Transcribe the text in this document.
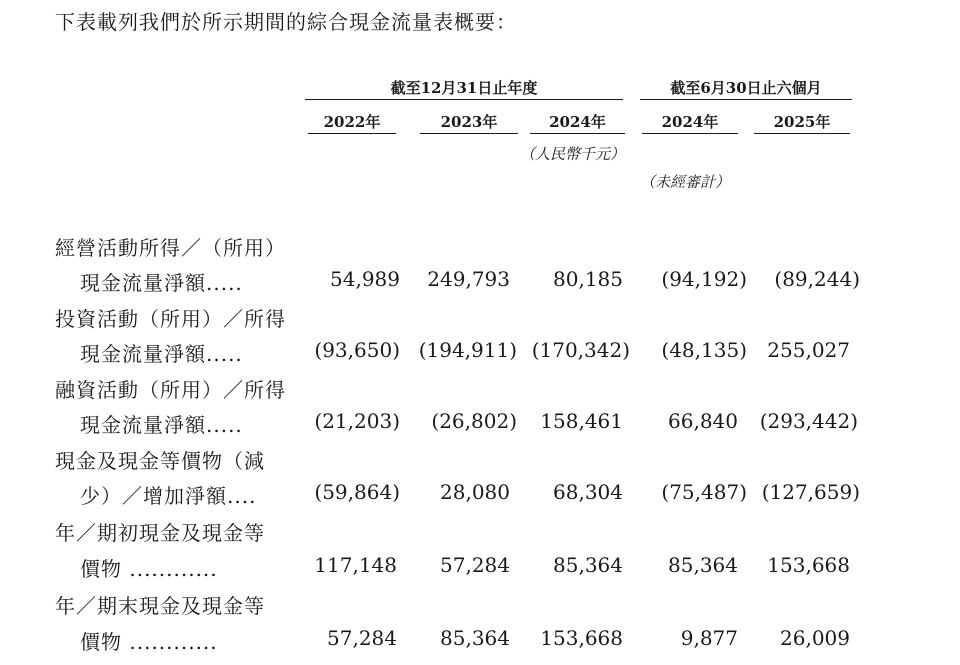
下表載列我們於所示期間的綜合現金流量表概要：
截至12月31日止年度	截至6月30日止六個月
2022年	2023年	2024年	2024年	2025年
（人民幣千元）
（未經審計）
經營活動所得／（所用）
現金流量淨額.....	54,989 249,793 80,185 (94,192) (89,244)
投資活動（所用）／所得
現金流量淨額.....	(93,650) (194,911) (170,342) (48,135) 255,027
融資活動（所用）／所得
現金流量淨額.....	(21,203) (26,802) 158,461 66,840 (293,442)
現金及現金等價物（減
少）／增加淨額....	(59,864) 28,080 68,304 (75,487) (127,659)
年／期初現金及現金等
價物 ............	117,148 57,284 85,364 85,364 153,668
年／期末現金及現金等
價物 ............	57,284 85,364 153,668	9,877 26,009
